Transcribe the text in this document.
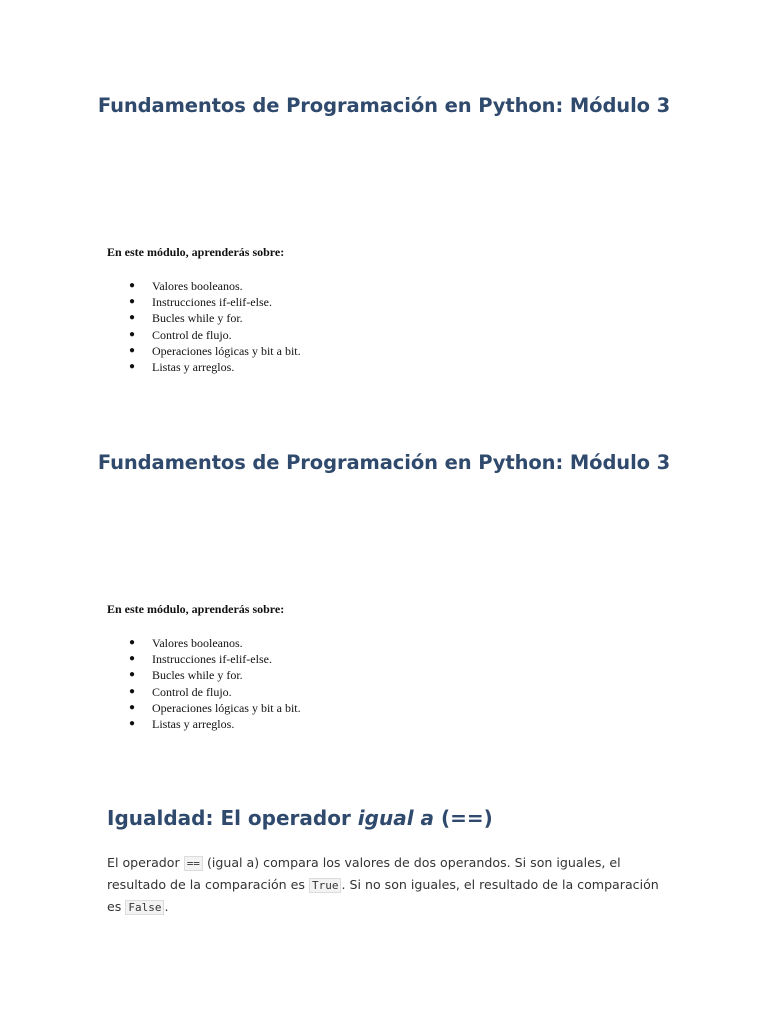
Fundamentos de Programación en Python: Módulo 3

En este módulo, aprenderás sobre:

● Valores booleanos.
● Instrucciones if-elif-else.
● Bucles while y for.
● Control de flujo.
● Operaciones lógicas y bit a bit.
● Listas y arreglos.
Fundamentos de Programación en Python: Módulo 3

En este módulo, aprenderás sobre:

● Valores booleanos.
● Instrucciones if-elif-else.
● Bucles while y for.
● Control de flujo.
● Operaciones lógicas y bit a bit.
● Listas y arreglos.
Igualdad: El operador igual a (==)

El operador == (igual a) compara los valores de dos operandos. Si son iguales, el resultado de la comparación es True . Si no son iguales, el resultado de la comparación es False .
